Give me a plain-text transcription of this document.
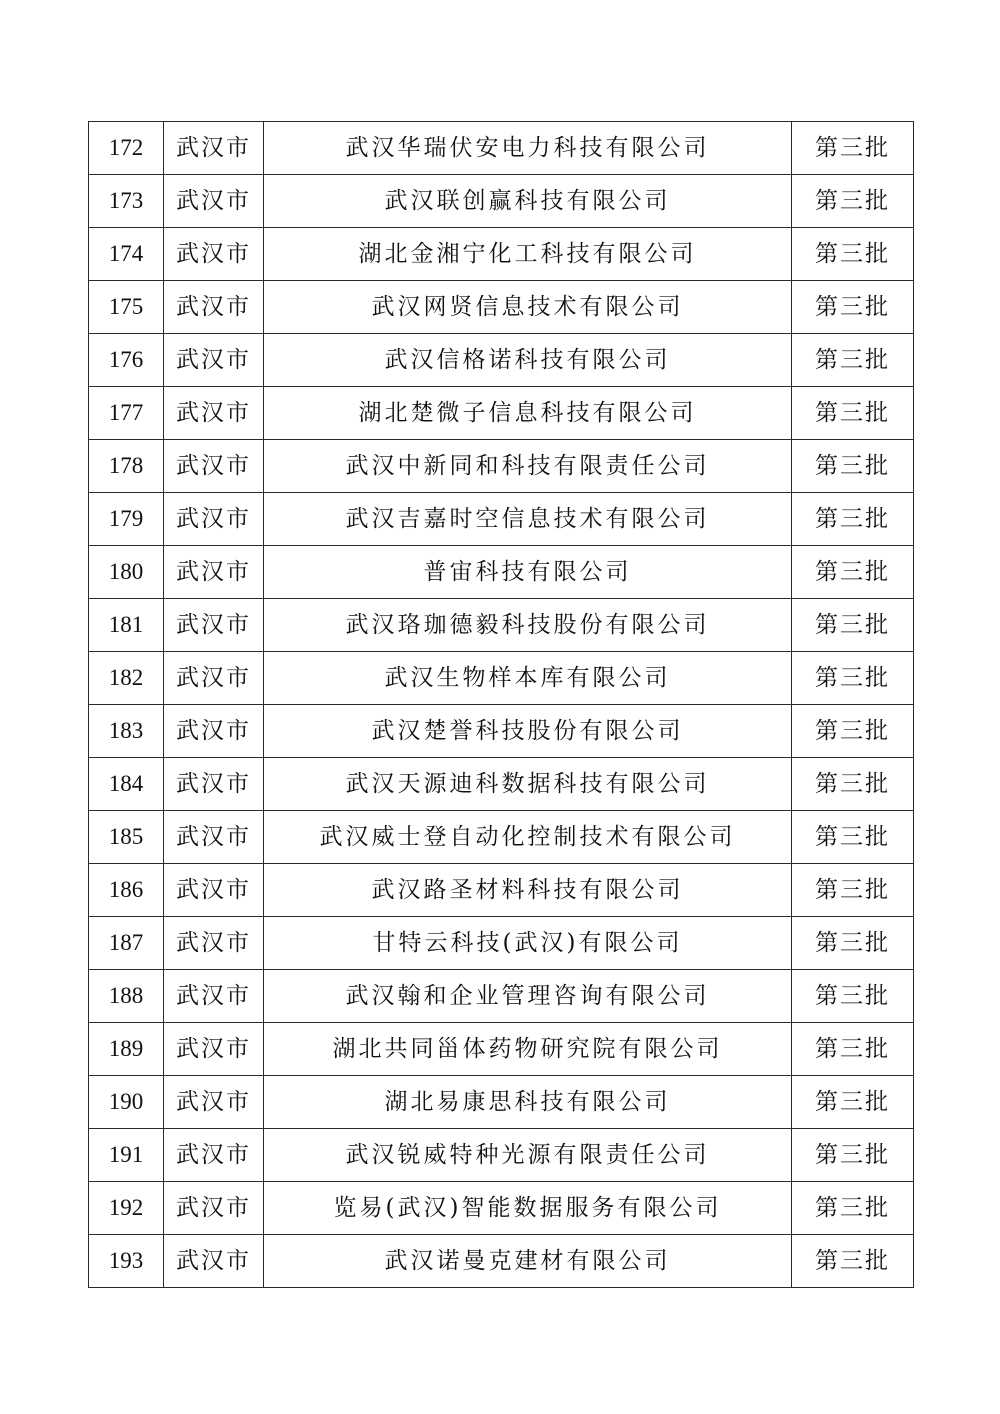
172	武汉市	武汉华瑞伏安电力科技有限公司	第三批
173	武汉市	武汉联创赢科技有限公司	第三批
174	武汉市	湖北金湘宁化工科技有限公司	第三批
175	武汉市	武汉网贤信息技术有限公司	第三批
176	武汉市	武汉信格诺科技有限公司	第三批
177	武汉市	湖北楚微子信息科技有限公司	第三批
178	武汉市	武汉中新同和科技有限责任公司	第三批
179	武汉市	武汉吉嘉时空信息技术有限公司	第三批
180	武汉市	普宙科技有限公司	第三批
181	武汉市	武汉珞珈德毅科技股份有限公司	第三批
182	武汉市	武汉生物样本库有限公司	第三批
183	武汉市	武汉楚誉科技股份有限公司	第三批
184	武汉市	武汉天源迪科数据科技有限公司	第三批
185	武汉市	武汉威士登自动化控制技术有限公司	第三批
186	武汉市	武汉路圣材料科技有限公司	第三批
187	武汉市	甘特云科技(武汉)有限公司	第三批
188	武汉市	武汉翰和企业管理咨询有限公司	第三批
189	武汉市	湖北共同甾体药物研究院有限公司	第三批
190	武汉市	湖北易康思科技有限公司	第三批
191	武汉市	武汉锐威特种光源有限责任公司	第三批
192	武汉市	览易(武汉)智能数据服务有限公司	第三批
193	武汉市	武汉诺曼克建材有限公司	第三批
